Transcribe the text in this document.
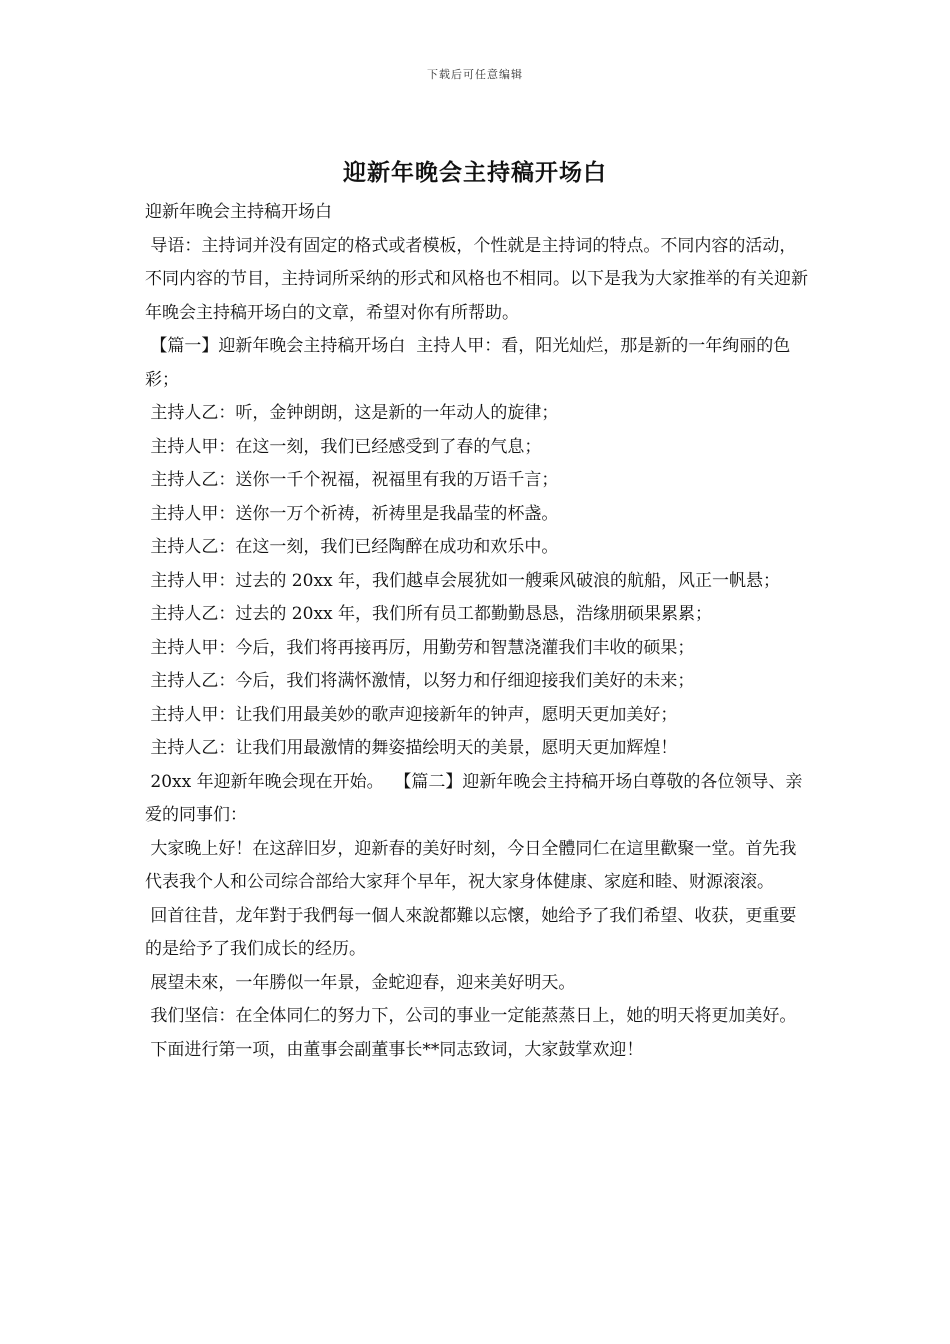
下载后可任意编辑
迎新年晚会主持稿开场白

迎新年晚会主持稿开场白

导语：主持词并没有固定的格式或者模板，个性就是主持词的特点。不同内容的活动，不同内容的节目，主持词所采纳的形式和风格也不相同。以下是我为大家推举的有关迎新年晚会主持稿开场白的文章，希望对你有所帮助。

【篇一】迎新年晚会主持稿开场白  主持人甲：看，阳光灿烂，那是新的一年绚丽的色彩；

主持人乙：听，金钟朗朗，这是新的一年动人的旋律；

主持人甲：在这一刻，我们已经感受到了春的气息；

主持人乙：送你一千个祝福，祝福里有我的万语千言；

主持人甲：送你一万个祈祷，祈祷里是我晶莹的杯盏。

主持人乙：在这一刻，我们已经陶醉在成功和欢乐中。

主持人甲：过去的 20xx 年，我们越卓会展犹如一艘乘风破浪的航船，风正一帆悬；

主持人乙：过去的 20xx 年，我们所有员工都勤勤恳恳，浩缘朋硕果累累；

主持人甲：今后，我们将再接再厉，用勤劳和智慧浇灌我们丰收的硕果；

主持人乙：今后，我们将满怀激情，以努力和仔细迎接我们美好的未来；

主持人甲：让我们用最美妙的歌声迎接新年的钟声，愿明天更加美好；

主持人乙：让我们用最激情的舞姿描绘明天的美景，愿明天更加辉煌！

20xx 年迎新年晚会现在开始。  【篇二】迎新年晚会主持稿开场白尊敬的各位领导、亲爱的同事们：

大家晚上好！在这辞旧岁，迎新春的美好时刻，今日全體同仁在這里歡聚一堂。首先我代表我个人和公司综合部给大家拜个早年，祝大家身体健康、家庭和睦、财源滚滚。

回首往昔，龙年對于我們每一個人來說都難以忘懷，她给予了我们希望、收获，更重要的是给予了我们成长的经历。

展望未來，一年勝似一年景，金蛇迎春，迎来美好明天。

我们坚信：在全体同仁的努力下，公司的事业一定能蒸蒸日上，她的明天将更加美好。

下面进行第一项，由董事会副董事长**同志致词，大家鼓掌欢迎！
